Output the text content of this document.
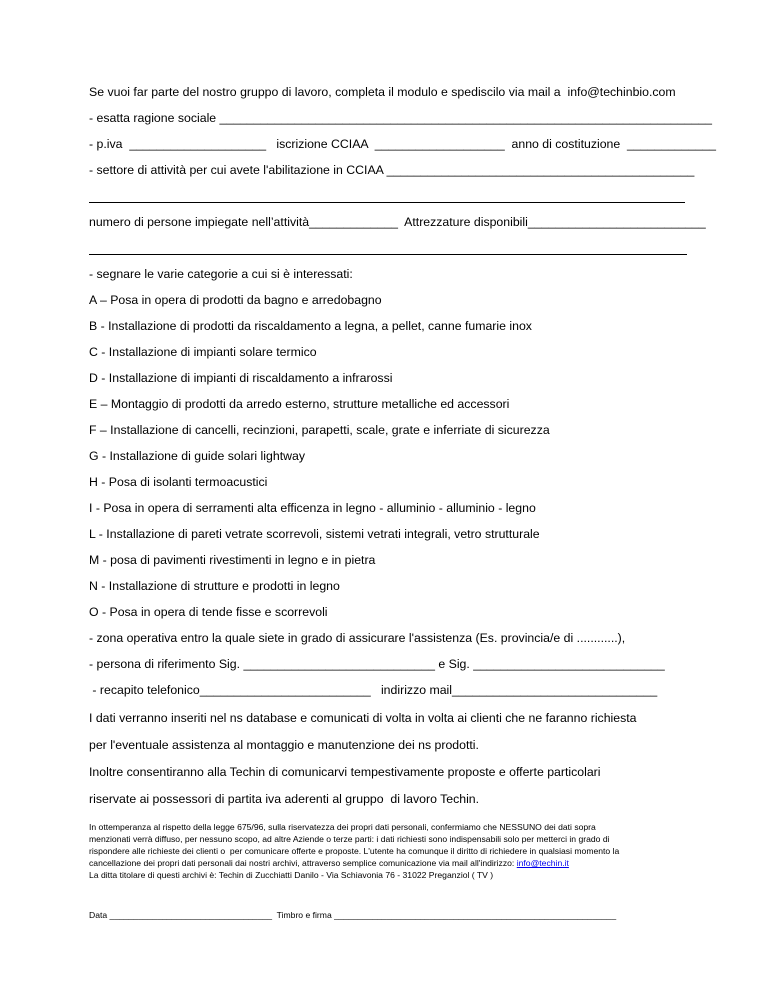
Se vuoi far parte del nostro gruppo di lavoro, completa il modulo e spediscilo via mail a  info@techinbio.com
- esatta ragione sociale ________________________________________________________________________
- p.iva  ____________________   iscrizione CCIAA  ___________________  anno di costituzione  _____________
- settore di attività per cui avete l'abilitazione in CCIAA _____________________________________________
numero di persone impiegate nell’attività_____________  Attrezzature disponibili__________________________
- segnare le varie categorie a cui si è interessati:
A – Posa in opera di prodotti da bagno e arredobagno
B - Installazione di prodotti da riscaldamento a legna, a pellet, canne fumarie inox
C - Installazione di impianti solare termico
D - Installazione di impianti di riscaldamento a infrarossi
E – Montaggio di prodotti da arredo esterno, strutture metalliche ed accessori
F – Installazione di cancelli, recinzioni, parapetti, scale, grate e inferriate di sicurezza
G - Installazione di guide solari lightway
H - Posa di isolanti termoacustici
I - Posa in opera di serramenti alta efficenza in legno - alluminio - alluminio - legno
L - Installazione di pareti vetrate scorrevoli, sistemi vetrati integrali, vetro strutturale
M - posa di pavimenti rivestimenti in legno e in pietra
N - Installazione di strutture e prodotti in legno
O - Posa in opera di tende fisse e scorrevoli
- zona operativa entro la quale siete in grado di assicurare l'assistenza (Es. provincia/e di ............),
- persona di riferimento Sig. ____________________________ e Sig. ____________________________
- recapito telefonico_________________________   indirizzo mail______________________________
I dati verranno inseriti nel ns database e comunicati di volta in volta ai clienti che ne faranno richiesta
per l'eventuale assistenza al montaggio e manutenzione dei ns prodotti.
Inoltre consentiranno alla Techin di comunicarvi tempestivamente proposte e offerte particolari
riservate ai possessori di partita iva aderenti al gruppo  di lavoro Techin.
In ottemperanza al rispetto della legge 675/96, sulla riservatezza dei propri dati personali, confermiamo che NESSUNO dei dati sopra
menzionati verrà diffuso, per nessuno scopo, ad altre Aziende o terze parti: i dati richiesti sono indispensabili solo per metterci in grado di
rispondere alle richieste dei clienti o  per comunicare offerte e proposte. L'utente ha comunque il diritto di richiedere in qualsiasi momento la
cancellazione dei propri dati personali dai nostri archivi, attraverso semplice comunicazione via mail all'indirizzo: info@techin.it
La ditta titolare di questi archivi è: Techin di Zucchiatti Danilo - Via Schiavonia 76 - 31022 Preganziol ( TV )
Data __________________________________  Timbro e firma ___________________________________________________________
